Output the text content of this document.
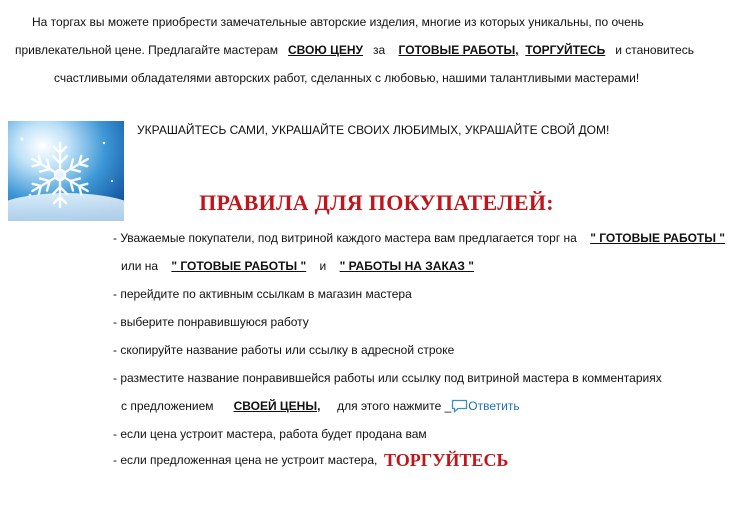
На торгах вы можете приобрести замечательные авторские изделия, многие из которых уникальны, по очень
привлекательной цене. Предлагайте мастерам СВОЮ ЦЕНУ за ГОТОВЫЕ РАБОТЫ, ТОРГУЙТЕСЬ и становитесь
счастливыми обладателями авторских работ, сделанных с любовью, нашими талантливыми мастерами!
УКРАШАЙТЕСЬ САМИ, УКРАШАЙТЕ СВОИХ ЛЮБИМЫХ, УКРАШАЙТЕ СВОЙ ДОМ!
ПРАВИЛА ДЛЯ ПОКУПАТЕЛЕЙ:
- Уважаемые покупатели, под витриной каждого мастера вам предлагается торг на " ГОТОВЫЕ РАБОТЫ "
или на " ГОТОВЫЕ РАБОТЫ " и " РАБОТЫ НА ЗАКАЗ "
- перейдите по активным ссылкам в магазин мастера
- выберите понравившуюся работу
- скопируйте название работы или ссылку в адресной строке
- разместите название понравившейся работы или ссылку под витриной мастера в комментариях
с предложением СВОЕЙ ЦЕНЫ, для этого нажмите _ Ответить
- если цена устроит мастера, работа будет продана вам
- если предложенная цена не устроит мастера, ТОРГУЙТЕСЬ
